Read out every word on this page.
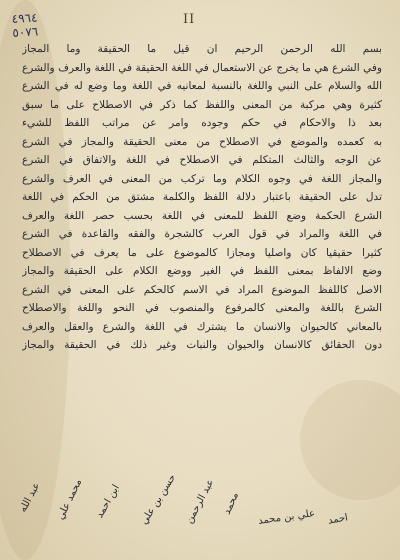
٤٩٦٤
٥٠٧٦
II
بسم الله الرحمن الرحيم ان قيل ما الحقيقة وما المجاز
وفي الشرع هي ما يخرج عن الاستعمال في اللغة الحقيقة في اللغة والعرف والشرع
الله والسلام على النبي واللغة بالنسبة لمعانيه في اللغة وما وضع له في الشرع
كثيرة وهي مركبة من المعنى واللفظ كما ذكر في الاصطلاح على ما سبق
بعد ذا والاحكام في حكم وجوده وامر عن مراتب اللفظ للشيء
به كعمده والموضع في الاصطلاح من معنى الحقيقة والمجاز في الشرع
عن الوجه والثالث المتكلم في الاصطلاح في اللغة والاتفاق في الشرع
والمجاز اللغة في وجوه الكلام وما تركب من المعنى في العرف والشرع
تدل على الحقيقة باعتبار دلالة اللفظ والكلمة مشتق من الحكم في اللغة
الشرع الحكمة وضع اللفظ للمعنى في اللغة بحسب حصر اللغة والعرف
في اللغة والمراد في قول العرب كالشجرة والفقه والقاعدة في الشرع
كثيرا حقيقيا كان واصليا ومجازا كالموضوع على ما يعرف في الاصطلاح
وضع الالفاظ بمعنى اللفظ في الغير ووضع الكلام على الحقيقة والمجاز
الاصل كاللفظ الموضوع المراد في الاسم كالحكم على المعنى في الشرع
الشرع باللغة والمعنى كالمرفوع والمنصوب في النحو واللغة والاصطلاح
بالمعاني كالحيوان والانسان ما يشترك في اللغة والشرع والعقل والعرف
دون الحقائق كالانسان والحيوان والنبات وغير ذلك في الحقيقة والمجاز
عبد الله محمد علي ابن احمد حسن بن علي عبد الرحمن محمد
علي بن محمد احمد
